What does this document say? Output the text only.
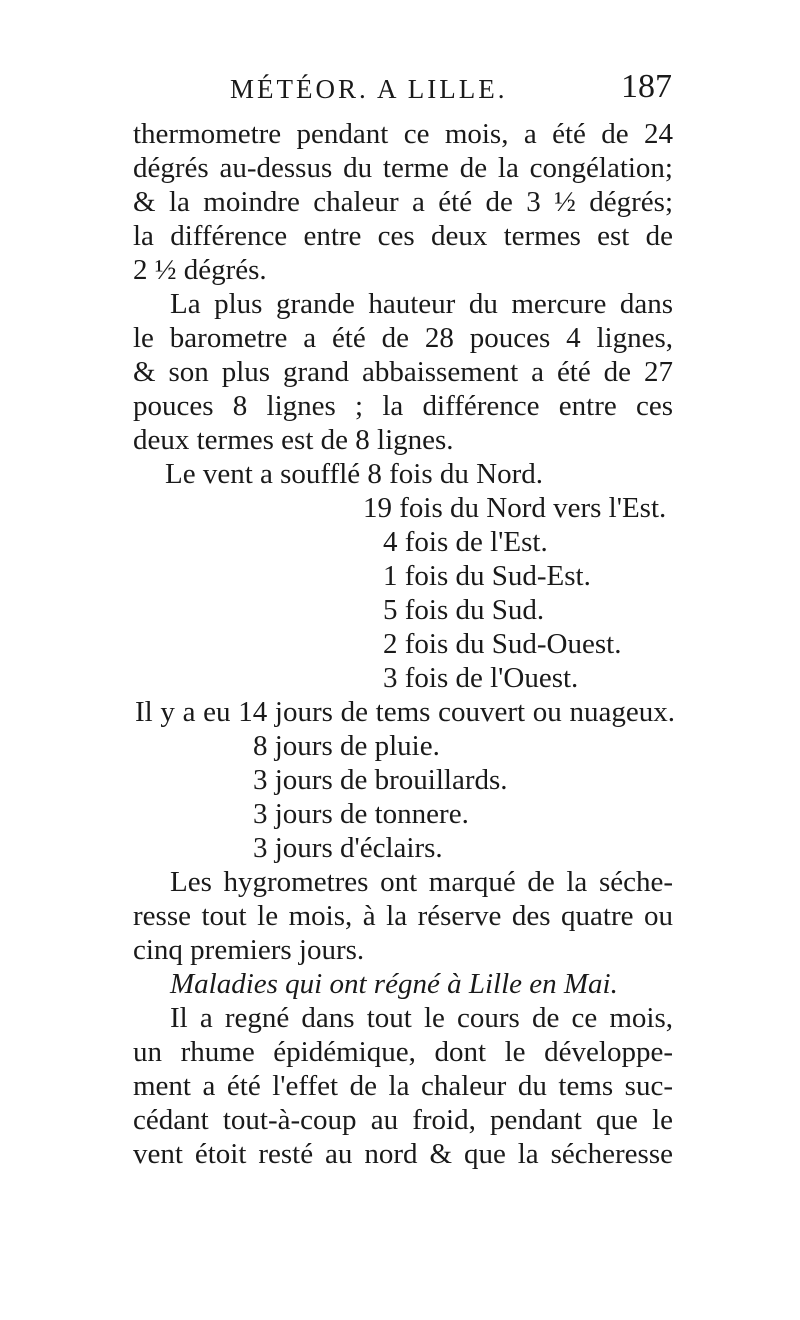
MÉTÉOR. A LILLE.	187
thermometre pendant ce mois, a été de 24
dégrés au-dessus du terme de la congélation;
& la moindre chaleur a été de 3 ½ dégrés;
la différence entre ces deux termes est de
2 ½ dégrés.
La plus grande hauteur du mercure dans
le barometre a été de 28 pouces 4 lignes,
& son plus grand abbaissement a été de 27
pouces 8 lignes ; la différence entre ces
deux termes est de 8 lignes.
Le vent a soufflé 8 fois du Nord.
19 fois du Nord vers l'Est.
4 fois de l'Est.
1 fois du Sud-Est.
5 fois du Sud.
2 fois du Sud-Ouest.
3 fois de l'Ouest.
Il y a eu 14 jours de tems couvert ou nuageux.
8 jours de pluie.
3 jours de brouillards.
3 jours de tonnere.
3 jours d'éclairs.
Les hygrometres ont marqué de la séche-
resse tout le mois, à la réserve des quatre ou
cinq premiers jours.
Maladies qui ont régné à Lille en Mai.
Il a regné dans tout le cours de ce mois,
un rhume épidémique, dont le développe-
ment a été l'effet de la chaleur du tems suc-
cédant tout-à-coup au froid, pendant que le
vent étoit resté au nord & que la sécheresse
